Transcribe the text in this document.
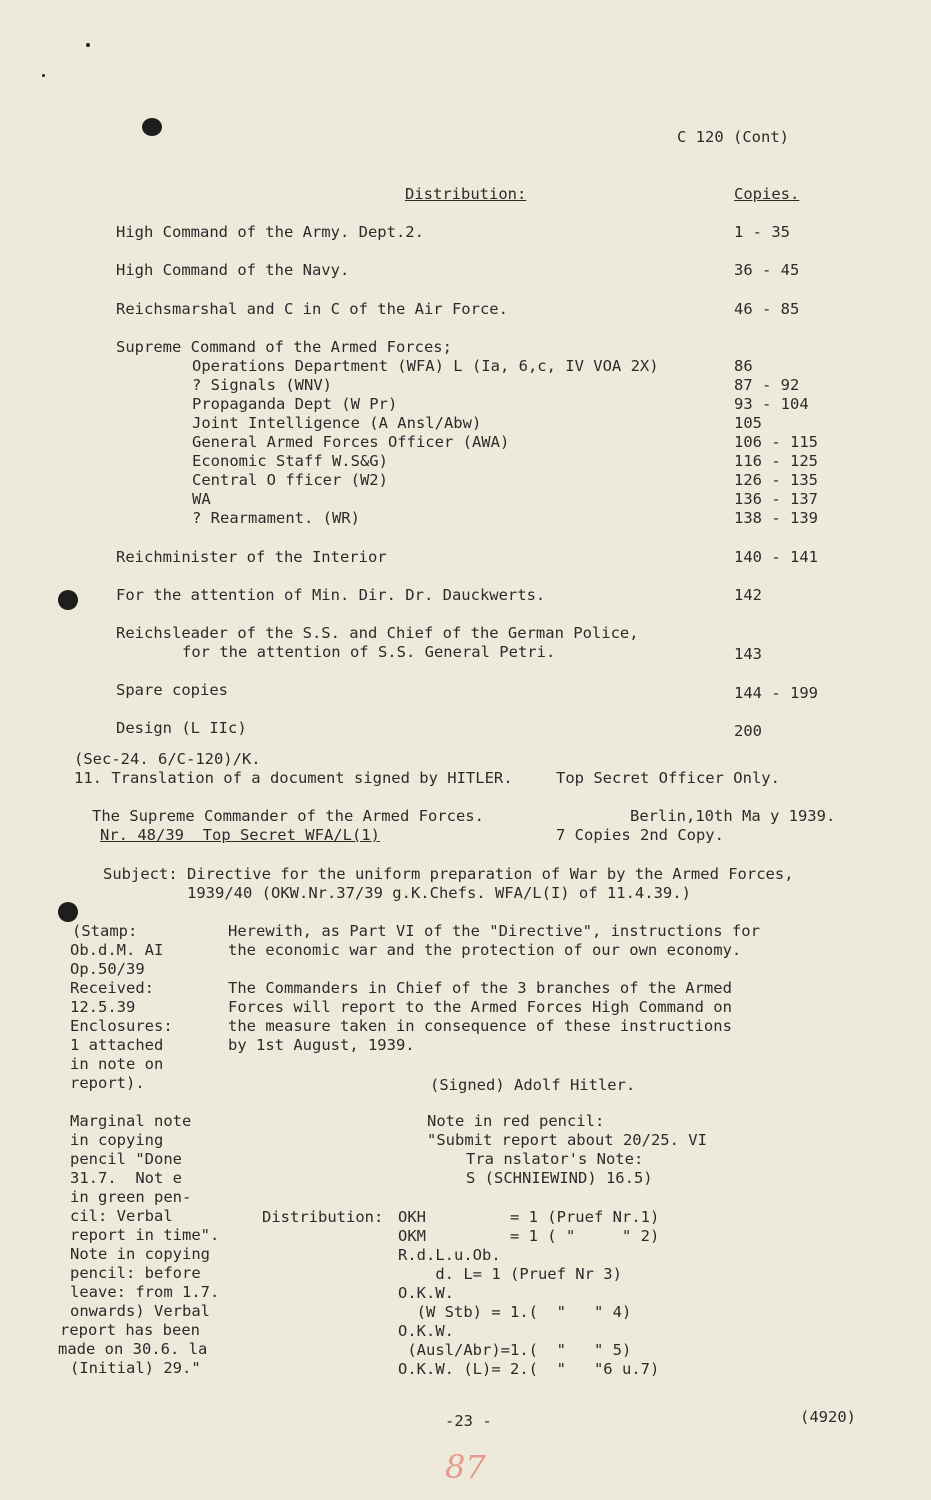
C 120 (Cont)
Distribution:	Copies.
High Command of the Army. Dept.2.	1 - 35
High Command of the Navy.	36 - 45
Reichsmarshal and C in C of the Air Force.	46 - 85
Supreme Command of the Armed Forces;
Operations Department (WFA) L (Ia, 6,c, IV VOA 2X)	86
? Signals (WNV)	87 - 92
Propaganda Dept (W Pr)	93 - 104
Joint Intelligence (A Ansl/Abw)	105
General Armed Forces Officer (AWA)	106 - 115
Economic Staff W.S&G)	116 - 125
Central O fficer (W2)	126 - 135
WA	136 - 137
? Rearmament. (WR)	138 - 139
Reichminister of the Interior	140 - 141
For the attention of Min. Dir. Dr. Dauckwerts.	142
Reichsleader of the S.S. and Chief of the German Police,
for the attention of S.S. General Petri.	143
Spare copies	144 - 199
Design (L IIc)	200
(Sec-24. 6/C-120)/K.
11. Translation of a document signed by HITLER.	Top Secret Officer Only.
The Supreme Commander of the Armed Forces.	Berlin,10th Ma y 1939.
Nr. 48/39  Top Secret WFA/L(1)	7 Copies 2nd Copy.
Subject: Directive for the uniform preparation of War by the Armed Forces,
1939/40 (OKW.Nr.37/39 g.K.Chefs. WFA/L(I) of 11.4.39.)
(Stamp:
Ob.d.M. AI
Op.50/39
Received:
12.5.39
Enclosures:
1 attached
in note on
report).
Herewith, as Part VI of the "Directive", instructions for
the economic war and the protection of our own economy.
The Commanders in Chief of the 3 branches of the Armed
Forces will report to the Armed Forces High Command on
the measure taken in consequence of these instructions
by 1st August, 1939.
(Signed) Adolf Hitler.
Marginal note
in copying
pencil "Done
31.7.  Not e
in green pen-
cil: Verbal
report in time".
Note in copying
pencil: before
leave: from 1.7.
onwards) Verbal
report has been
made on 30.6. la
(Initial) 29."
Note in red pencil:
"Submit report about 20/25. VI
Tra nslator's Note:
S (SCHNIEWIND) 16.5)
Distribution: OKH         = 1 (Pruef Nr.1)
OKM         = 1 ( "     " 2)
R.d.L.u.Ob.
d. L= 1 (Pruef Nr 3)
O.K.W.
(W Stb) = 1.(  "   " 4)
O.K.W.
(Ausl/Abr)=1.(  "   " 5)
O.K.W. (L)= 2.(  "   "6 u.7)
-23 -	(4920)
87
